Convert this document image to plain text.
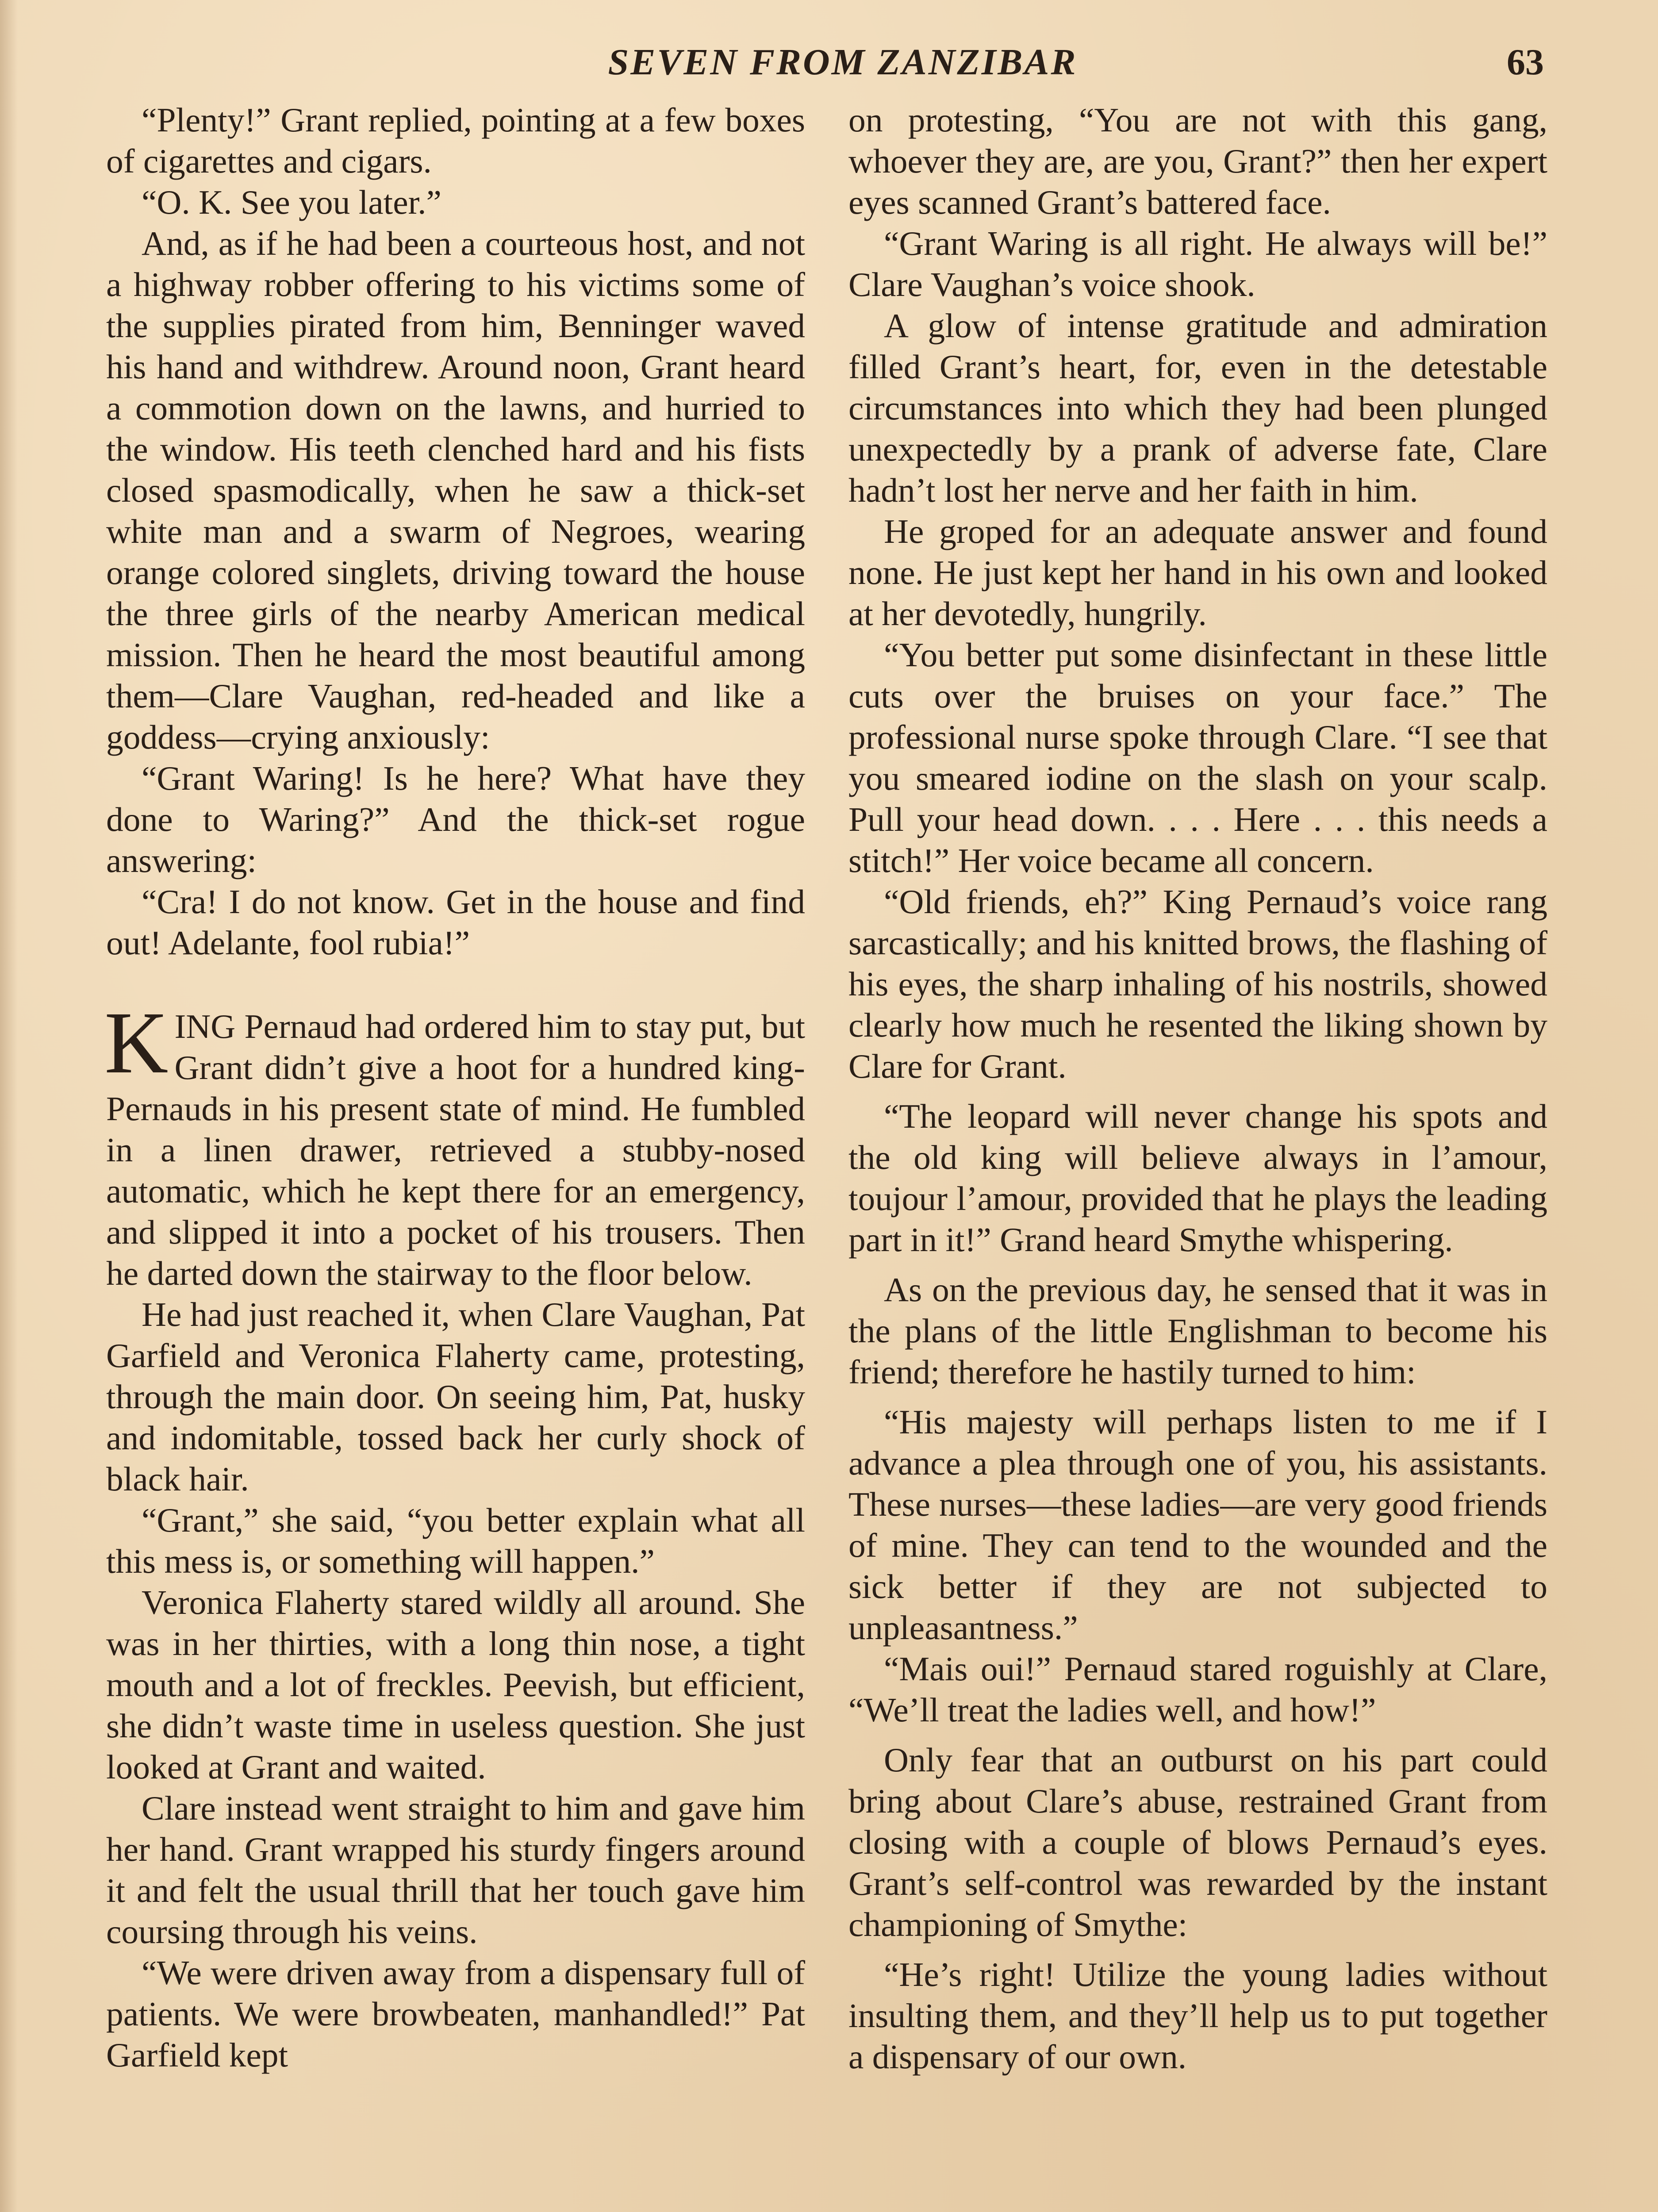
SEVEN FROM ZANZIBAR	63

“Plenty!” Grant replied, pointing at a few boxes of cigarettes and cigars.

“O. K. See you later.”

And, as if he had been a courteous host, and not a highway robber offering to his victims some of the supplies pirated from him, Benninger waved his hand and withdrew. Around noon, Grant heard a commotion down on the lawns, and hurried to the window. His teeth clenched hard and his fists closed spasmodically, when he saw a thick-set white man and a swarm of Negroes, wearing orange colored singlets, driving toward the house the three girls of the nearby American medical mission. Then he heard the most beautiful among them—Clare Vaughan, red-headed and like a goddess—crying anxiously:

“Grant Waring! Is he here? What have they done to Waring?” And the thick-set rogue answering:

“Cra! I do not know. Get in the house and find out! Adelante, fool rubia!”

KING Pernaud had ordered him to stay put, but Grant didn’t give a hoot for a hundred king-Pernauds in his present state of mind. He fumbled in a linen drawer, retrieved a stubby-nosed automatic, which he kept there for an emergency, and slipped it into a pocket of his trousers. Then he darted down the stairway to the floor below.

He had just reached it, when Clare Vaughan, Pat Garfield and Veronica Flaherty came, protesting, through the main door. On seeing him, Pat, husky and indomitable, tossed back her curly shock of black hair.

“Grant,” she said, “you better explain what all this mess is, or something will happen.”

Veronica Flaherty stared wildly all around. She was in her thirties, with a long thin nose, a tight mouth and a lot of freckles. Peevish, but efficient, she didn’t waste time in useless question. She just looked at Grant and waited.

Clare instead went straight to him and gave him her hand. Grant wrapped his sturdy fingers around it and felt the usual thrill that her touch gave him coursing through his veins.

“We were driven away from a dispensary full of patients. We were browbeaten, manhandled!” Pat Garfield kept

on protesting, “You are not with this gang, whoever they are, are you, Grant?” then her expert eyes scanned Grant’s battered face.

“Grant Waring is all right. He always will be!” Clare Vaughan’s voice shook.

A glow of intense gratitude and admiration filled Grant’s heart, for, even in the detestable circumstances into which they had been plunged unexpectedly by a prank of adverse fate, Clare hadn’t lost her nerve and her faith in him.

He groped for an adequate answer and found none. He just kept her hand in his own and looked at her devotedly, hungrily.

“You better put some disinfectant in these little cuts over the bruises on your face.” The professional nurse spoke through Clare. “I see that you smeared iodine on the slash on your scalp. Pull your head down. . . . Here . . . this needs a stitch!” Her voice became all concern.

“Old friends, eh?” King Pernaud’s voice rang sarcastically; and his knitted brows, the flashing of his eyes, the sharp inhaling of his nostrils, showed clearly how much he resented the liking shown by Clare for Grant.

“The leopard will never change his spots and the old king will believe always in l’amour, toujour l’amour, provided that he plays the leading part in it!” Grand heard Smythe whispering.

As on the previous day, he sensed that it was in the plans of the little Englishman to become his friend; therefore he hastily turned to him:

“His majesty will perhaps listen to me if I advance a plea through one of you, his assistants. These nurses—these ladies—are very good friends of mine. They can tend to the wounded and the sick better if they are not subjected to unpleasantness.”

“Mais oui!” Pernaud stared roguishly at Clare, “We’ll treat the ladies well, and how!”

Only fear that an outburst on his part could bring about Clare’s abuse, restrained Grant from closing with a couple of blows Pernaud’s eyes. Grant’s self-control was rewarded by the instant championing of Smythe:

“He’s right! Utilize the young ladies without insulting them, and they’ll help us to put together a dispensary of our own.
